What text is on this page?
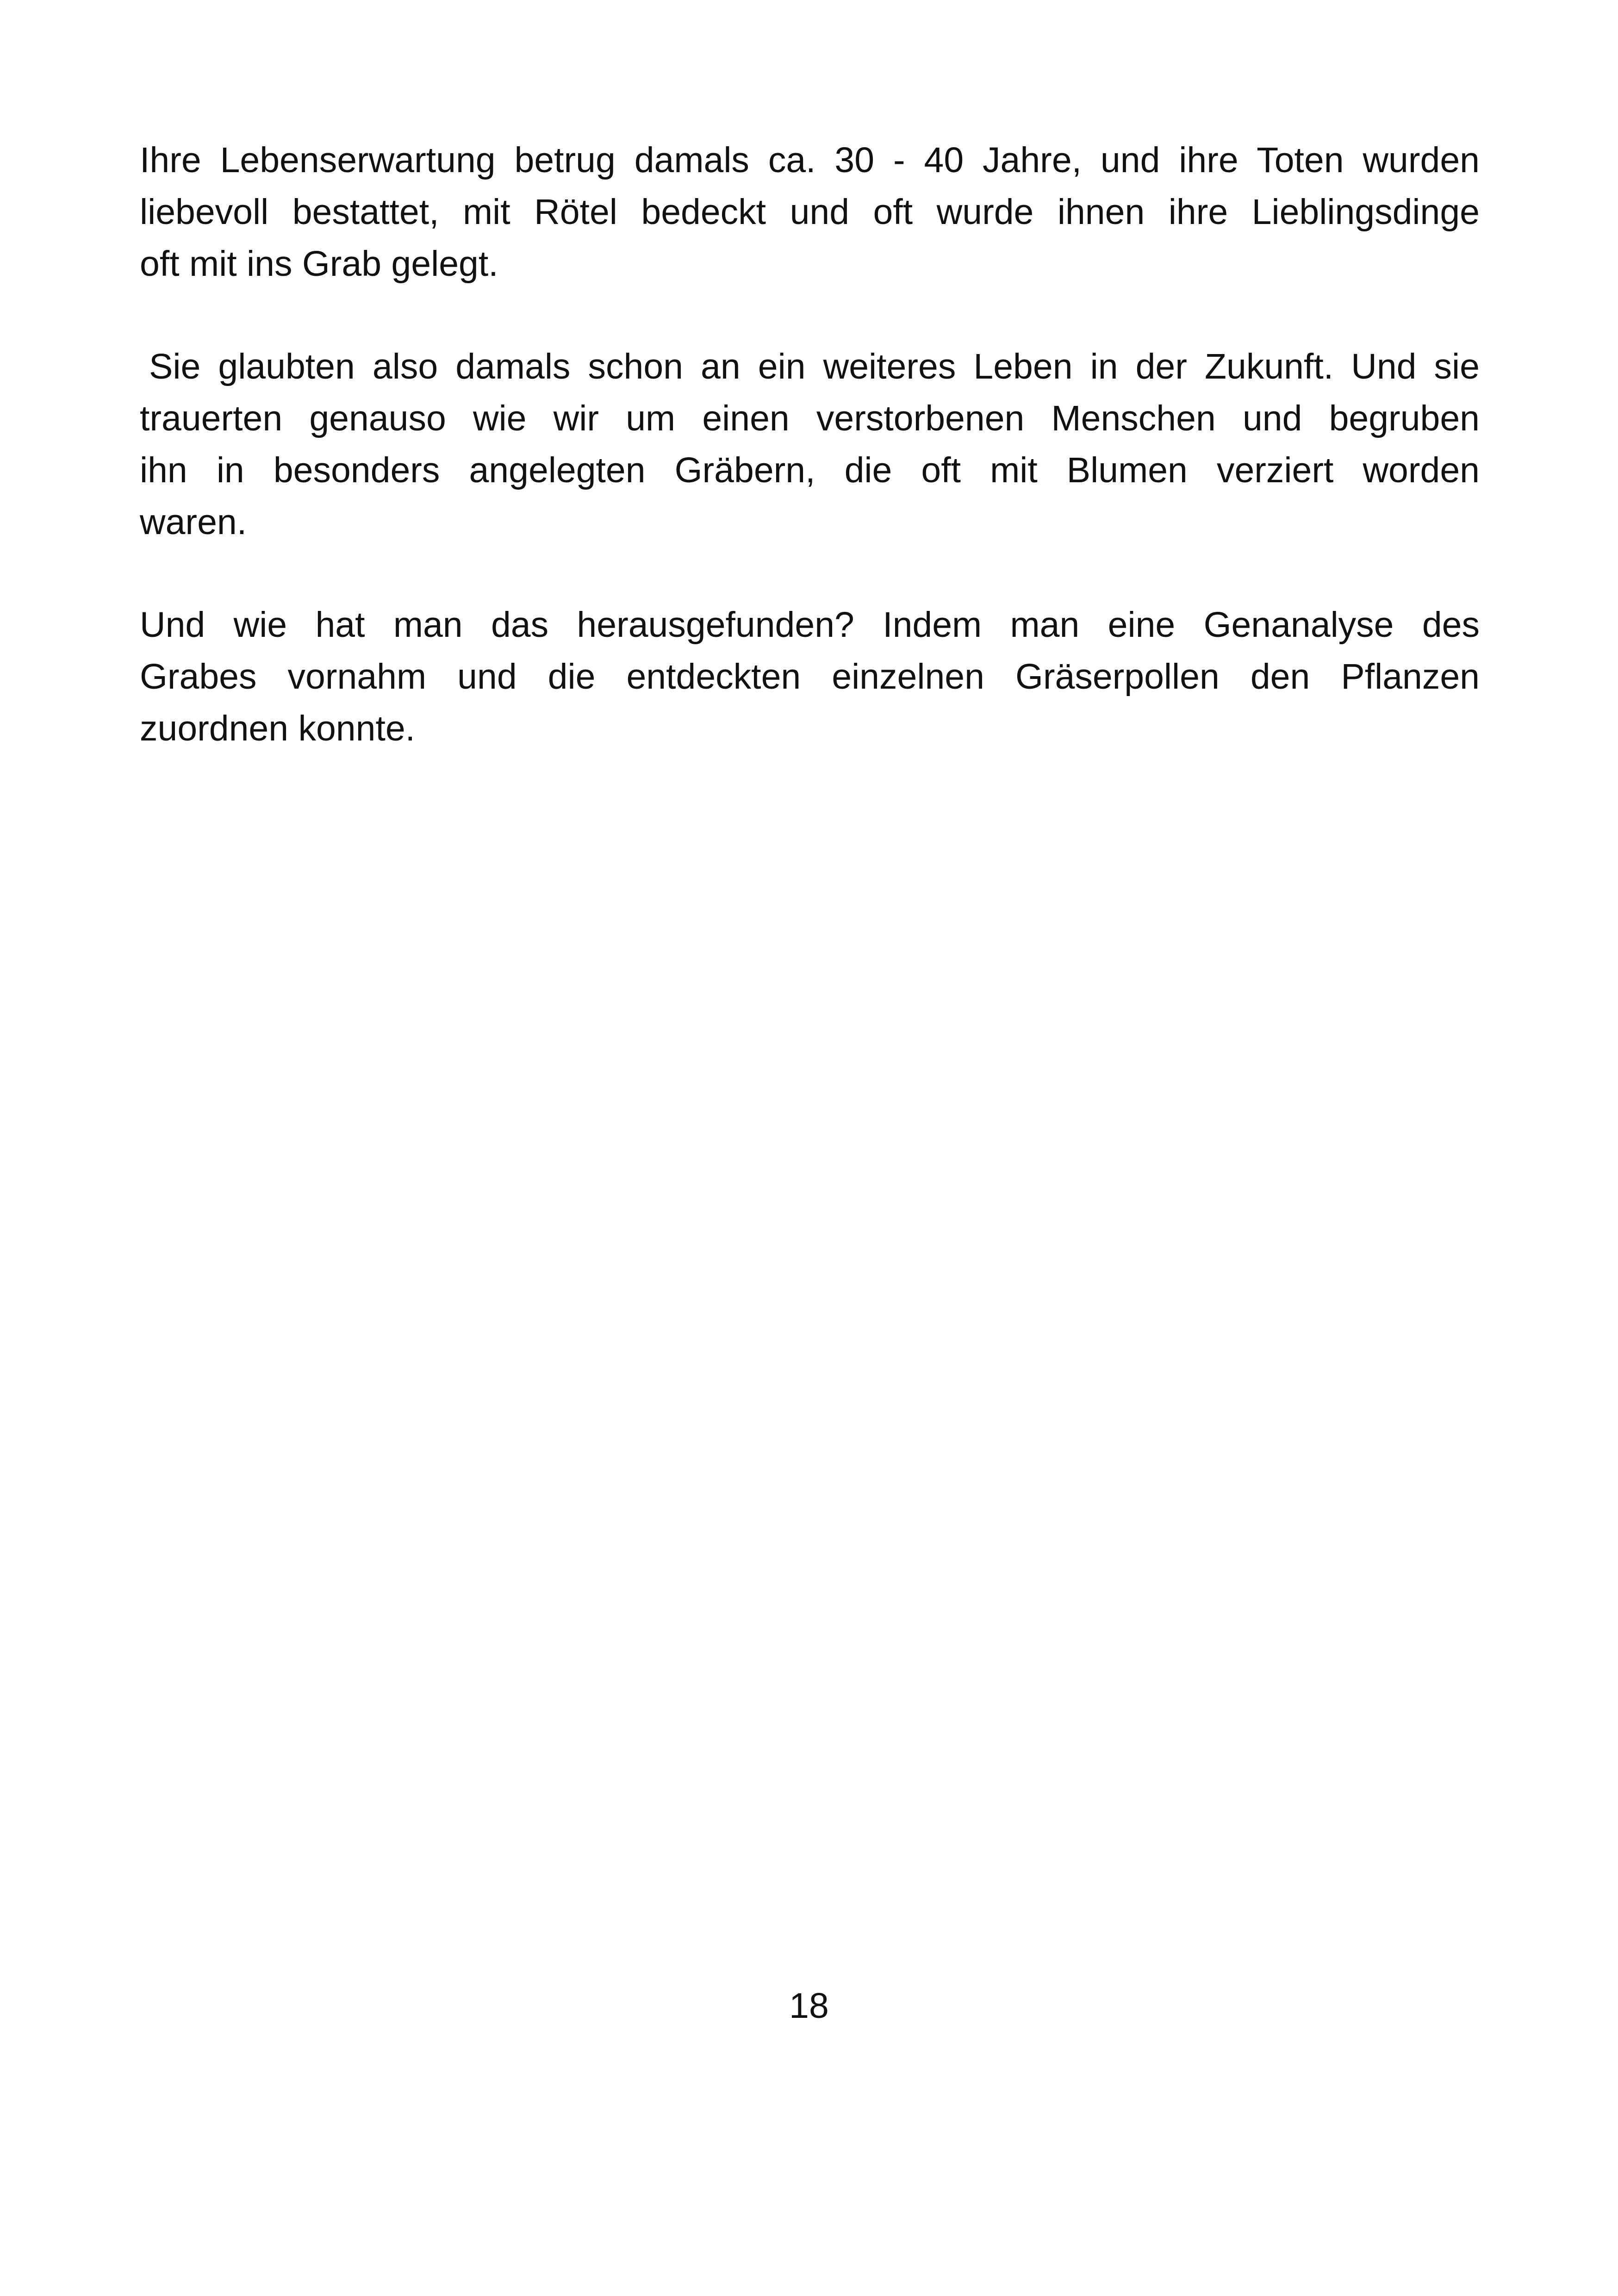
Ihre Lebenserwartung betrug damals ca. 30 - 40 Jahre, und ihre Toten wurden
liebevoll bestattet, mit Rötel bedeckt und oft wurde ihnen ihre Lieblingsdinge
oft mit ins Grab gelegt.
Sie glaubten also damals schon an ein weiteres Leben in der Zukunft. Und sie
trauerten genauso wie wir um einen verstorbenen Menschen und begruben
ihn in besonders angelegten Gräbern, die oft mit Blumen verziert worden
waren.
Und wie hat man das herausgefunden? Indem man eine Genanalyse des
Grabes vornahm und die entdeckten einzelnen Gräserpollen den Pflanzen
zuordnen konnte.
18
